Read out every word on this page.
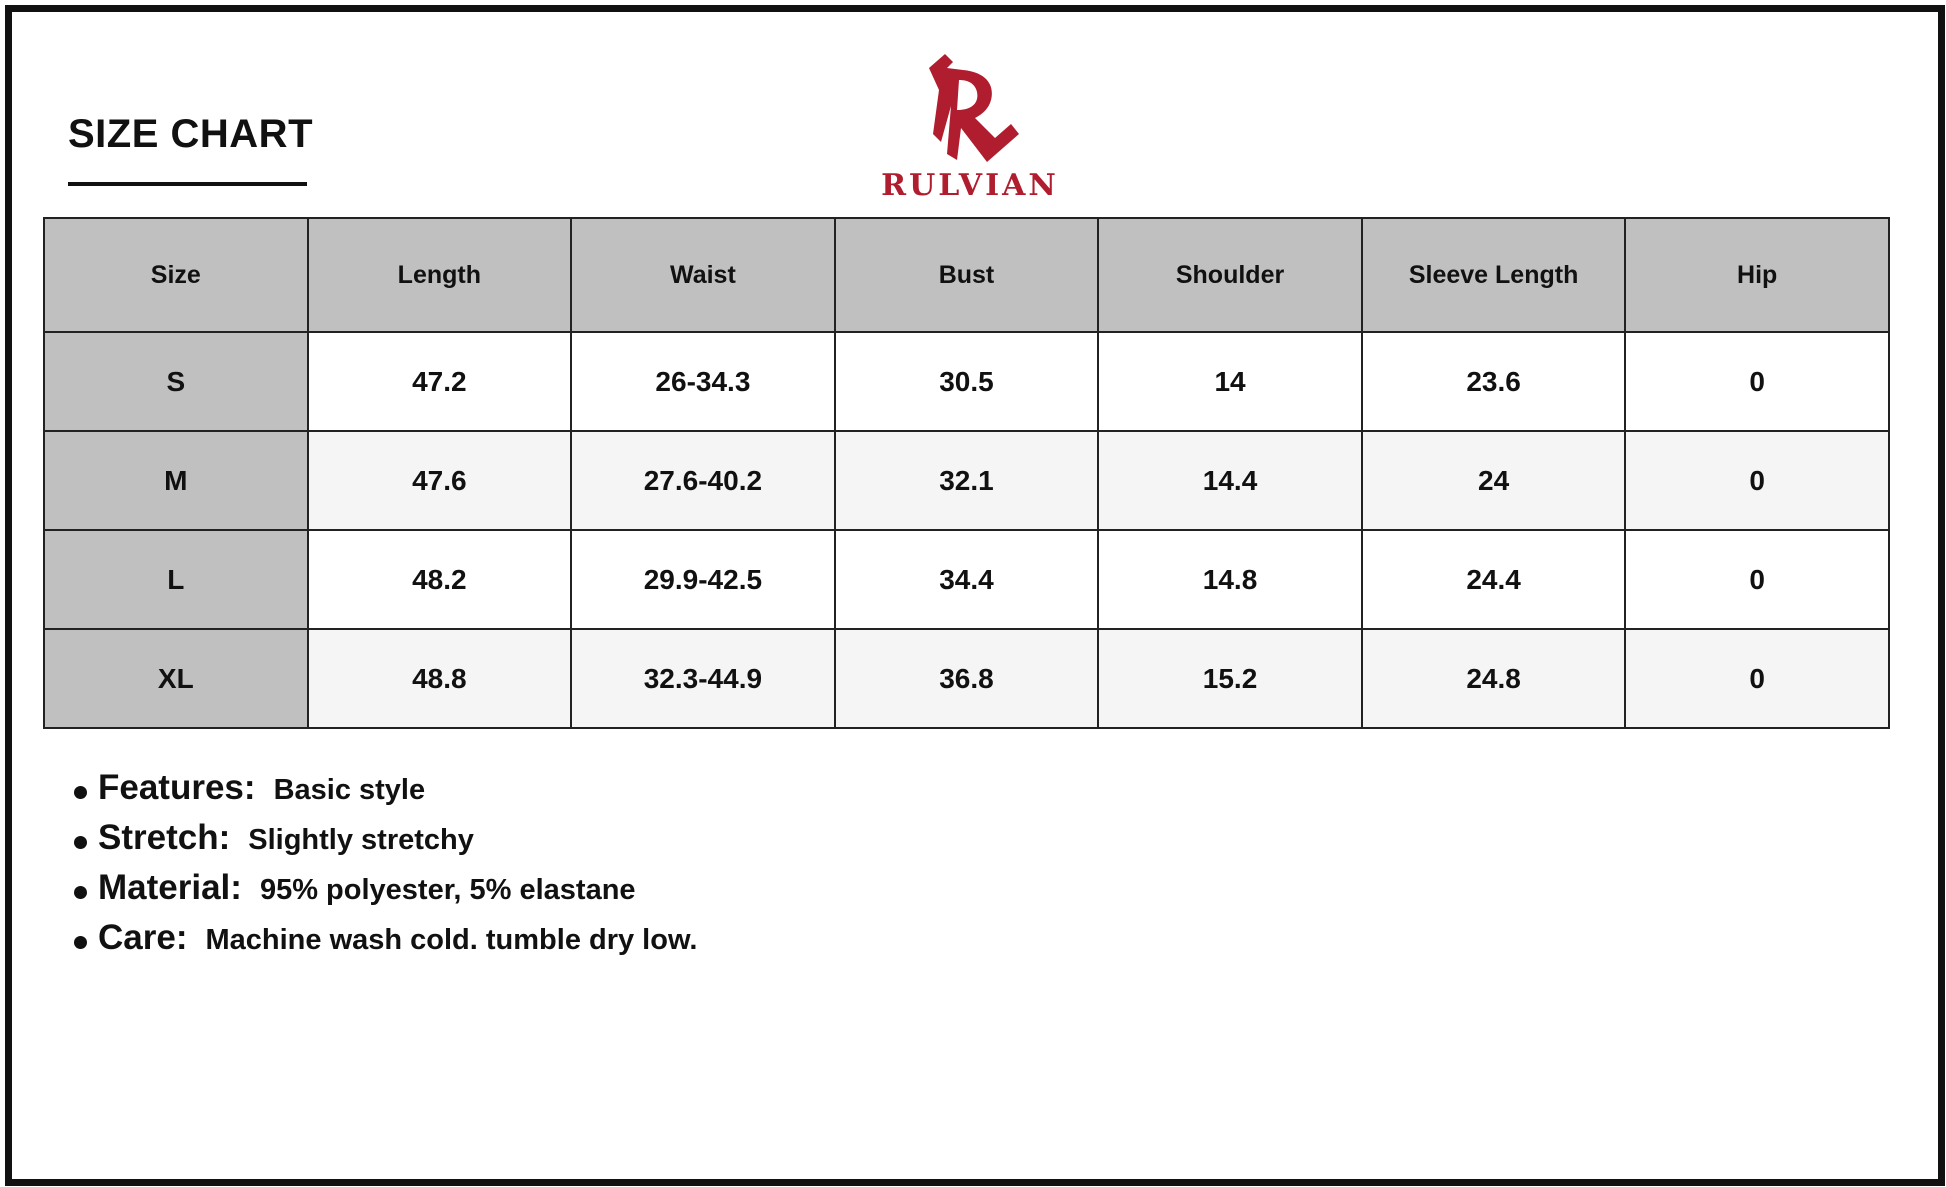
SIZE CHART
RULVIAN
Size	Length	Waist	Bust	Shoulder	Sleeve Length	Hip
S	47.2	26-34.3	30.5	14	23.6	0
M	47.6	27.6-40.2	32.1	14.4	24	0
L	48.2	29.9-42.5	34.4	14.8	24.4	0
XL	48.8	32.3-44.9	36.8	15.2	24.8	0
Features: Basic style
Stretch: Slightly stretchy
Material: 95% polyester, 5% elastane
Care: Machine wash cold. tumble dry low.
